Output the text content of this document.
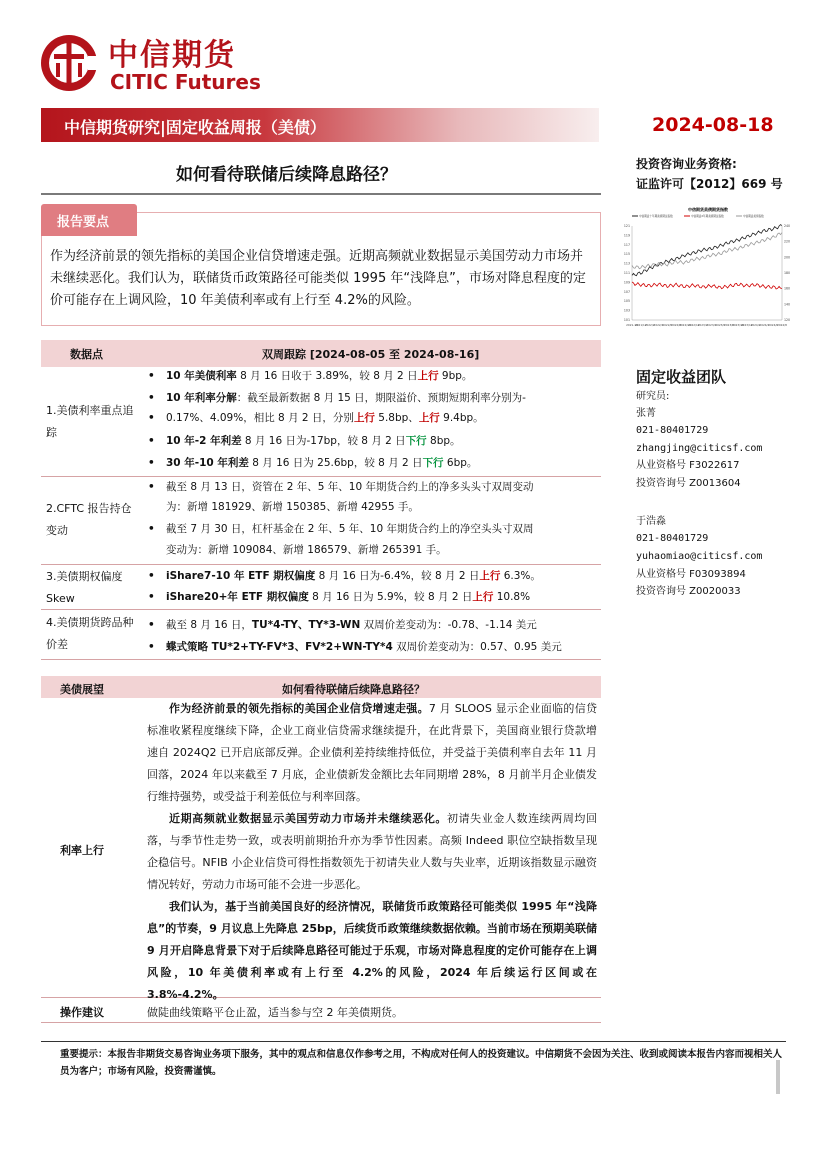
中信期货
CITIC Futures
中信期货研究|固定收益周报（美债）	2024-08-18
如何看待联储后续降息路径？
投资咨询业务资格:
证监许可【2012】669 号
报告要点
作为经济前景的领先指标的美国企业信贷增速走强。近期高频就业数据显示美国劳动力市场并未继续恶化。我们认为，联储货币政策路径可能类似 1995 年“浅降息”，市场对降息程度的定价可能存在上调风险，10 年美债利率或有上行至 4.2%的风险。
中信期货美债期货指数
中信期货十年期美债期货指数	中信期货2年期美债期货指数	中信期货美债指数
101
103
105
107
109
111
113
115
117
119
121
120
140
160
180
200
220
240
2021-10
2021/12
2022/2
2022/4
2022/6
2022/8
2022/10
2022/12
2023/2
2023/4
2023/6
2023/8
2023/10
2023/12
2024/2
2024/4
2024/6
2024/8
固定收益团队
研究员:
张菁
021-80401729
zhangjing@citicsf.com
从业资格号 F3022617
投资咨询号 Z0013604
于浩淼
021-80401729
yuhaomiao@citicsf.com
从业资格号 F03093894
投资咨询号 Z0020033
数据点	双周跟踪 [2024-08-05 至 2024-08-16]
1.美债利率重点追踪
• 10 年美债利率 8 月 16 日收于 3.89%，较 8 月 2 日上行 9bp。
• 10 年利率分解：截至最新数据 8 月 15 日，期限溢价、预期短期利率分别为-
• 0.17%、4.09%，相比 8 月 2 日，分别上行 5.8bp、上行 9.4bp。
• 10 年-2 年利差 8 月 16 日为-17bp，较 8 月 2 日下行 8bp。
• 30 年-10 年利差 8 月 16 日为 25.6bp，较 8 月 2 日下行 6bp。
2.CFTC 报告持仓变动
• 截至 8 月 13 日，资管在 2 年、5 年、10 年期货合约上的净多头头寸双周变动
为：新增 181929、新增 150385、新增 42955 手。
• 截至 7 月 30 日，杠杆基金在 2 年、5 年、10 年期货合约上的净空头头寸双周
变动为：新增 109084、新增 186579、新增 265391 手。
3.美债期权偏度 Skew
• iShare7-10 年 ETF 期权偏度 8 月 16 日为-6.4%，较 8 月 2 日上行 6.3%。
• iShare20+年 ETF 期权偏度 8 月 16 日为 5.9%，较 8 月 2 日上行 10.8%
4.美债期货跨品种价差
• 截至 8 月 16 日，TU*4-TY、TY*3-WN 双周价差变动为：-0.78、-1.14 美元
• 蝶式策略 TU*2+TY-FV*3、FV*2+WN-TY*4 双周价差变动为：0.57、0.95 美元
美债展望	如何看待联储后续降息路径？
利率上行
作为经济前景的领先指标的美国企业信贷增速走强。7 月 SLOOS 显示企业面临的信贷标准收紧程度继续下降，企业工商业信贷需求继续提升，在此背景下，美国商业银行贷款增速自 2024Q2 已开启底部反弹。企业债利差持续维持低位，并受益于美债利率自去年 11 月回落，2024 年以来截至 7 月底，企业债新发金额比去年同期增 28%，8 月前半月企业债发行维持强势，或受益于利差低位与利率回落。
近期高频就业数据显示美国劳动力市场并未继续恶化。初请失业金人数连续两周均回落，与季节性走势一致，或表明前期抬升亦为季节性因素。高频 Indeed 职位空缺指数呈现企稳信号。NFIB 小企业信贷可得性指数领先于初请失业人数与失业率，近期该指数显示融资情况转好，劳动力市场可能不会进一步恶化。
我们认为，基于当前美国良好的经济情况，联储货币政策路径可能类似 1995 年“浅降息”的节奏，9 月议息上先降息 25bp，后续货币政策继续数据依赖。当前市场在预期美联储 9 月开启降息背景下对于后续降息路径可能过于乐观，市场对降息程度的定价可能存在上调风险，10 年美债利率或有上行至 4.2%的风险，2024 年后续运行区间或在 3.8%-4.2%。
操作建议	做陡曲线策略平仓止盈，适当参与空 2 年美债期货。
重要提示：本报告非期货交易咨询业务项下服务，其中的观点和信息仅作参考之用，不构成对任何人的投资建议。中信期货不会因为关注、收到或阅读本报告内容而视相关人员为客户；市场有风险，投资需谨慎。
